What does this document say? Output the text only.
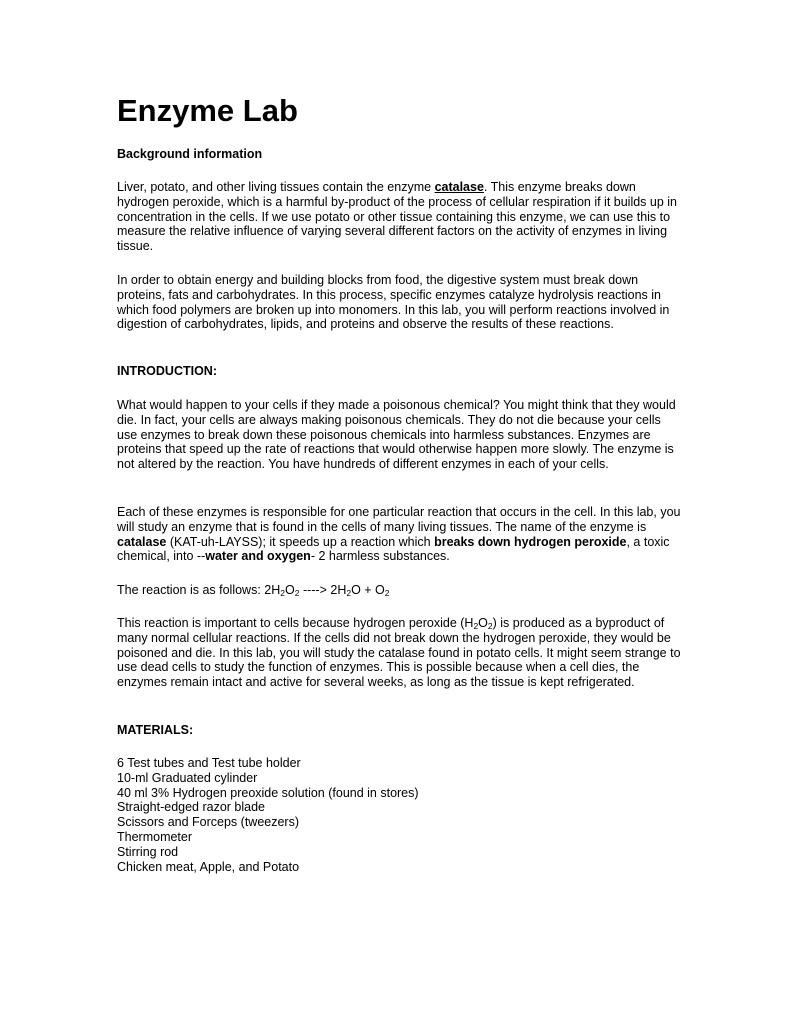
Enzyme Lab

Background information

Liver, potato, and other living tissues contain the enzyme catalase. This enzyme breaks down hydrogen peroxide, which is a harmful by-product of the process of cellular respiration if it builds up in concentration in the cells. If we use potato or other tissue containing this enzyme, we can use this to measure the relative influence of varying several different factors on the activity of enzymes in living tissue.

In order to obtain energy and building blocks from food, the digestive system must break down proteins, fats and carbohydrates. In this process, specific enzymes catalyze hydrolysis reactions in which food polymers are broken up into monomers. In this lab, you will perform reactions involved in digestion of carbohydrates, lipids, and proteins and observe the results of these reactions.

INTRODUCTION:

What would happen to your cells if they made a poisonous chemical? You might think that they would die. In fact, your cells are always making poisonous chemicals. They do not die because your cells use enzymes to break down these poisonous chemicals into harmless substances. Enzymes are proteins that speed up the rate of reactions that would otherwise happen more slowly. The enzyme is not altered by the reaction. You have hundreds of different enzymes in each of your cells.

Each of these enzymes is responsible for one particular reaction that occurs in the cell. In this lab, you will study an enzyme that is found in the cells of many living tissues. The name of the enzyme is catalase (KAT-uh-LAYSS); it speeds up a reaction which breaks down hydrogen peroxide, a toxic chemical, into --water and oxygen- 2 harmless substances.

The reaction is as follows: $2H_2O_2$ ----> $2H_2O + O_2$

This reaction is important to cells because hydrogen peroxide $(H_2O_2)$ is produced as a byproduct of many normal cellular reactions. If the cells did not break down the hydrogen peroxide, they would be poisoned and die. In this lab, you will study the catalase found in potato cells. It might seem strange to use dead cells to study the function of enzymes. This is possible because when a cell dies, the enzymes remain intact and active for several weeks, as long as the tissue is kept refrigerated.

MATERIALS:

6 Test tubes and Test tube holder
10-ml Graduated cylinder
40 ml 3% Hydrogen preoxide solution (found in stores)
Straight-edged razor blade
Scissors and Forceps (tweezers)
Thermometer
Stirring rod
Chicken meat, Apple, and Potato
